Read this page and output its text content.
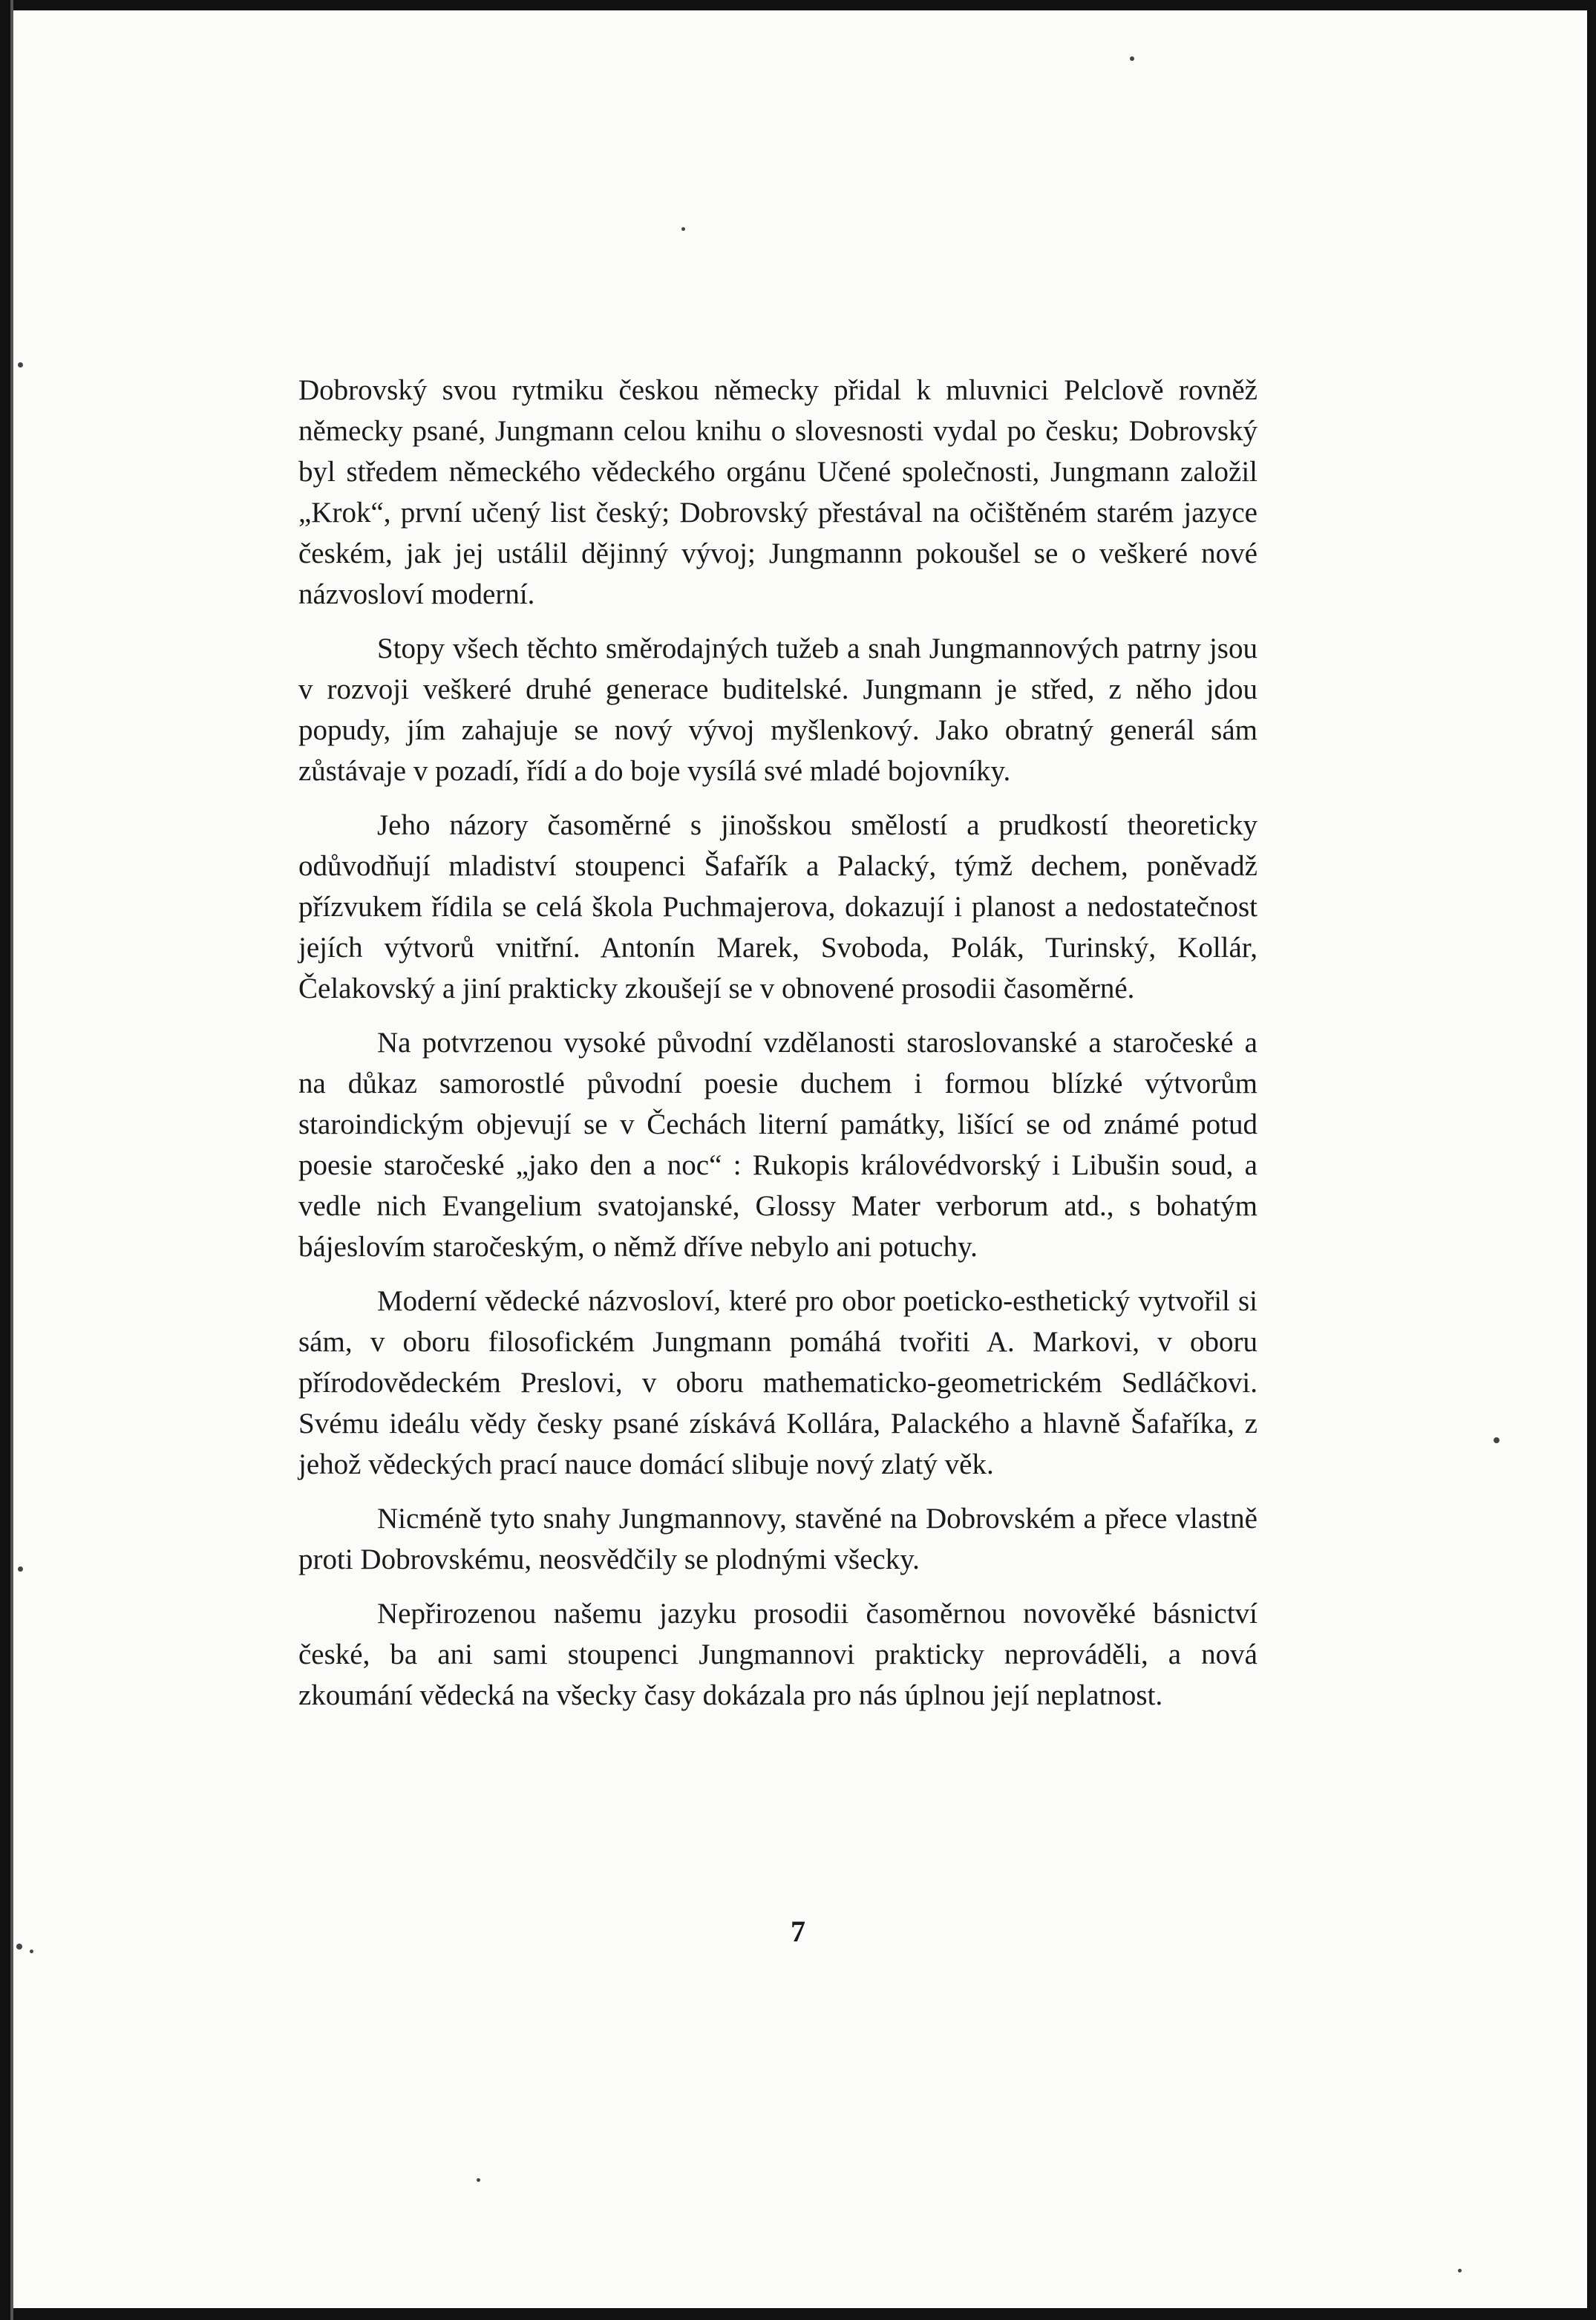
Dobrovský svou rytmiku českou německy přidal k mluvnici Pelclově rovněž německy psané, Jungmann celou knihu o slovesnosti vydal po česku; Dobrovský byl středem německého vědeckého orgánu Učené společnosti, Jungmann založil „Krok“, první učený list český; Dobrovský přestával na očištěném starém jazyce českém, jak jej ustálil dějinný vývoj; Jungmannn pokoušel se o veškeré nové názvosloví moderní.

Stopy všech těchto směrodajných tužeb a snah Jungmannových patrny jsou v rozvoji veškeré druhé generace buditelské. Jungmann je střed, z něho jdou popudy, jím zahajuje se nový vývoj myšlenkový. Jako obratný generál sám zůstávaje v pozadí, řídí a do boje vysílá své mladé bojovníky.

Jeho názory časoměrné s jinošskou smělostí a prudkostí theoreticky odůvodňují mladiství stoupenci Šafařík a Palacký, týmž dechem, poněvadž přízvukem řídila se celá škola Puchmajerova, dokazují i planost a nedostatečnost jejích výtvorů vnitřní. Antonín Marek, Svoboda, Polák, Turinský, Kollár, Čelakovský a jiní prakticky zkoušejí se v obnovené prosodii časoměrné.

Na potvrzenou vysoké původní vzdělanosti staroslovanské a staročeské a na důkaz samorostlé původní poesie duchem i formou blízké výtvorům staroindickým objevují se v Čechách literní památky, lišící se od známé potud poesie staročeské „jako den a noc“ : Rukopis královédvorský i Libušin soud, a vedle nich Evangelium svatojanské, Glossy Mater verborum atd., s bohatým bájeslovím staročeským, o němž dříve nebylo ani potuchy.

Moderní vědecké názvosloví, které pro obor poeticko-esthetický vytvořil si sám, v oboru filosofickém Jungmann pomáhá tvořiti A. Markovi, v oboru přírodovědeckém Preslovi, v oboru mathematicko-geometrickém Sedláčkovi. Svému ideálu vědy česky psané získává Kollára, Palackého a hlavně Šafaříka, z jehož vědeckých prací nauce domácí slibuje nový zlatý věk.

Nicméně tyto snahy Jungmannovy, stavěné na Dobrovském a přece vlastně proti Dobrovskému, neosvědčily se plodnými všecky.

Nepřirozenou našemu jazyku prosodii časoměrnou novověké básnictví české, ba ani sami stoupenci Jungmannovi prakticky neprováděli, a nová zkoumání vědecká na všecky časy dokázala pro nás úplnou její neplatnost.

7
